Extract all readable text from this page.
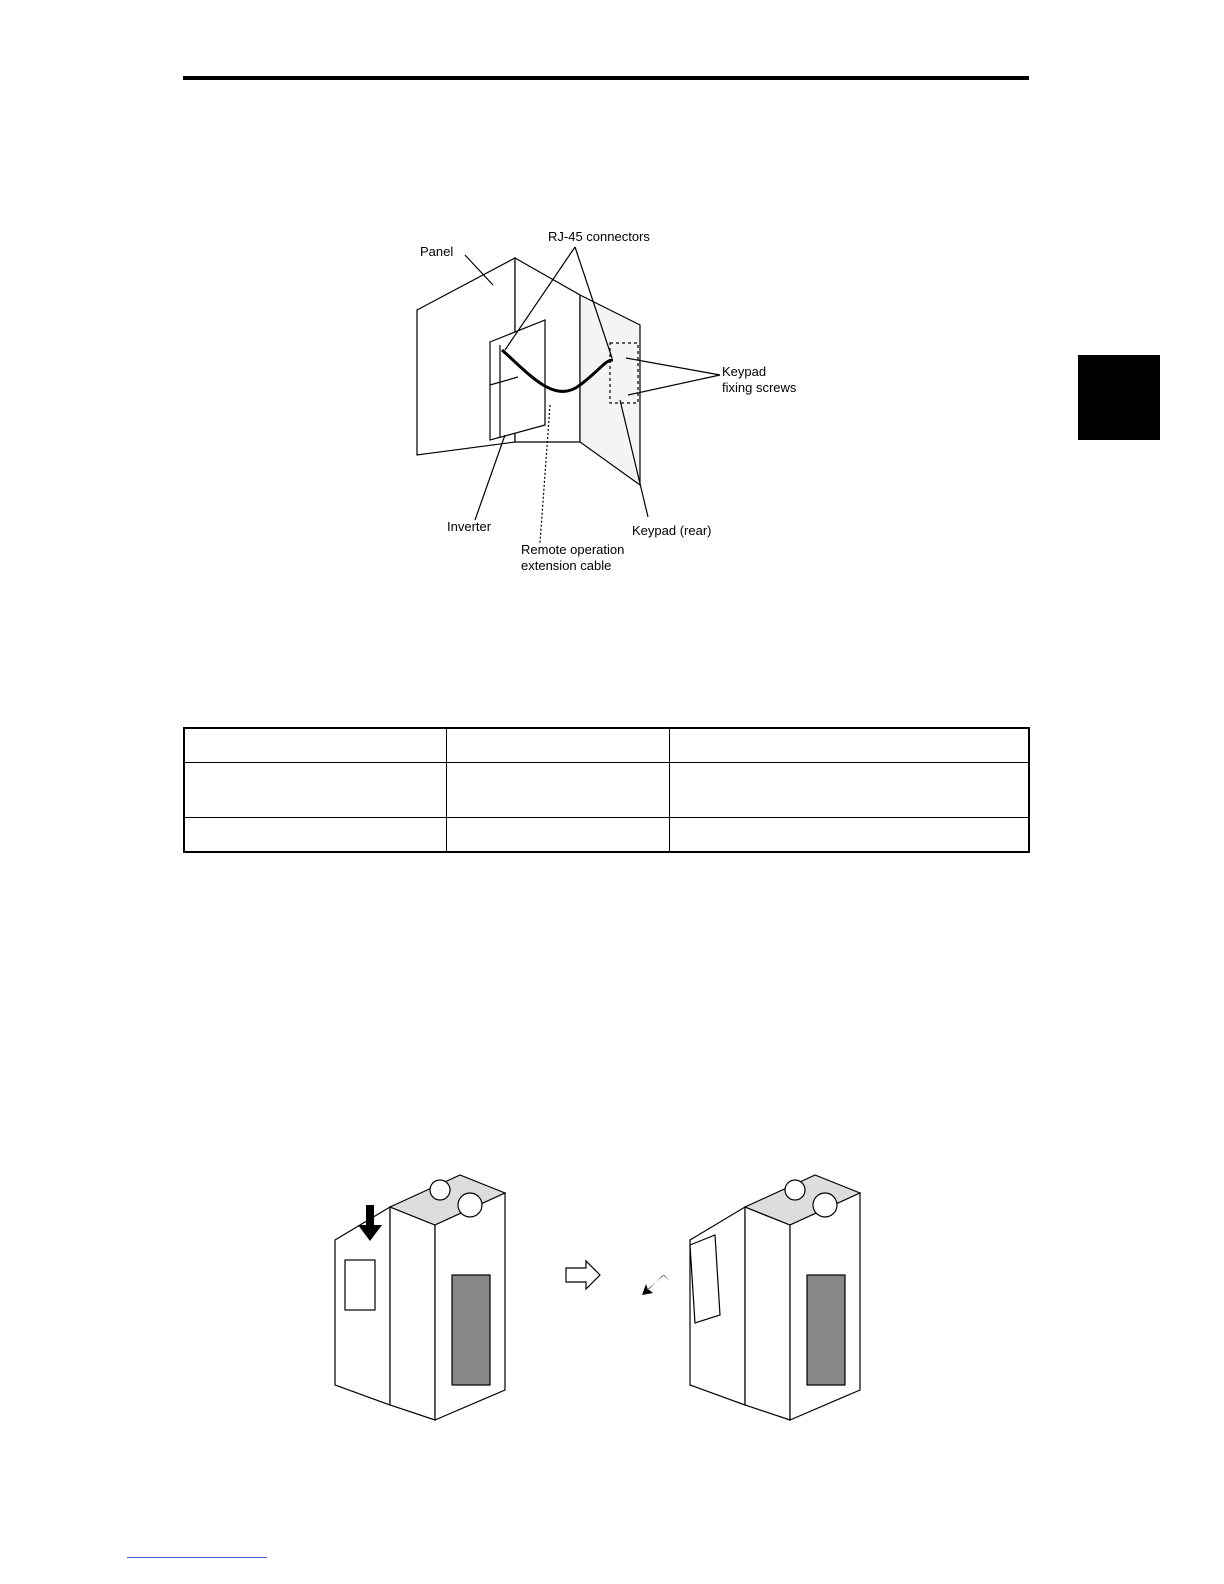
RJ-45 connectors
Panel
Keypad
fixing screws
Inverter	Keypad (rear)
Remote operation
extension cable
